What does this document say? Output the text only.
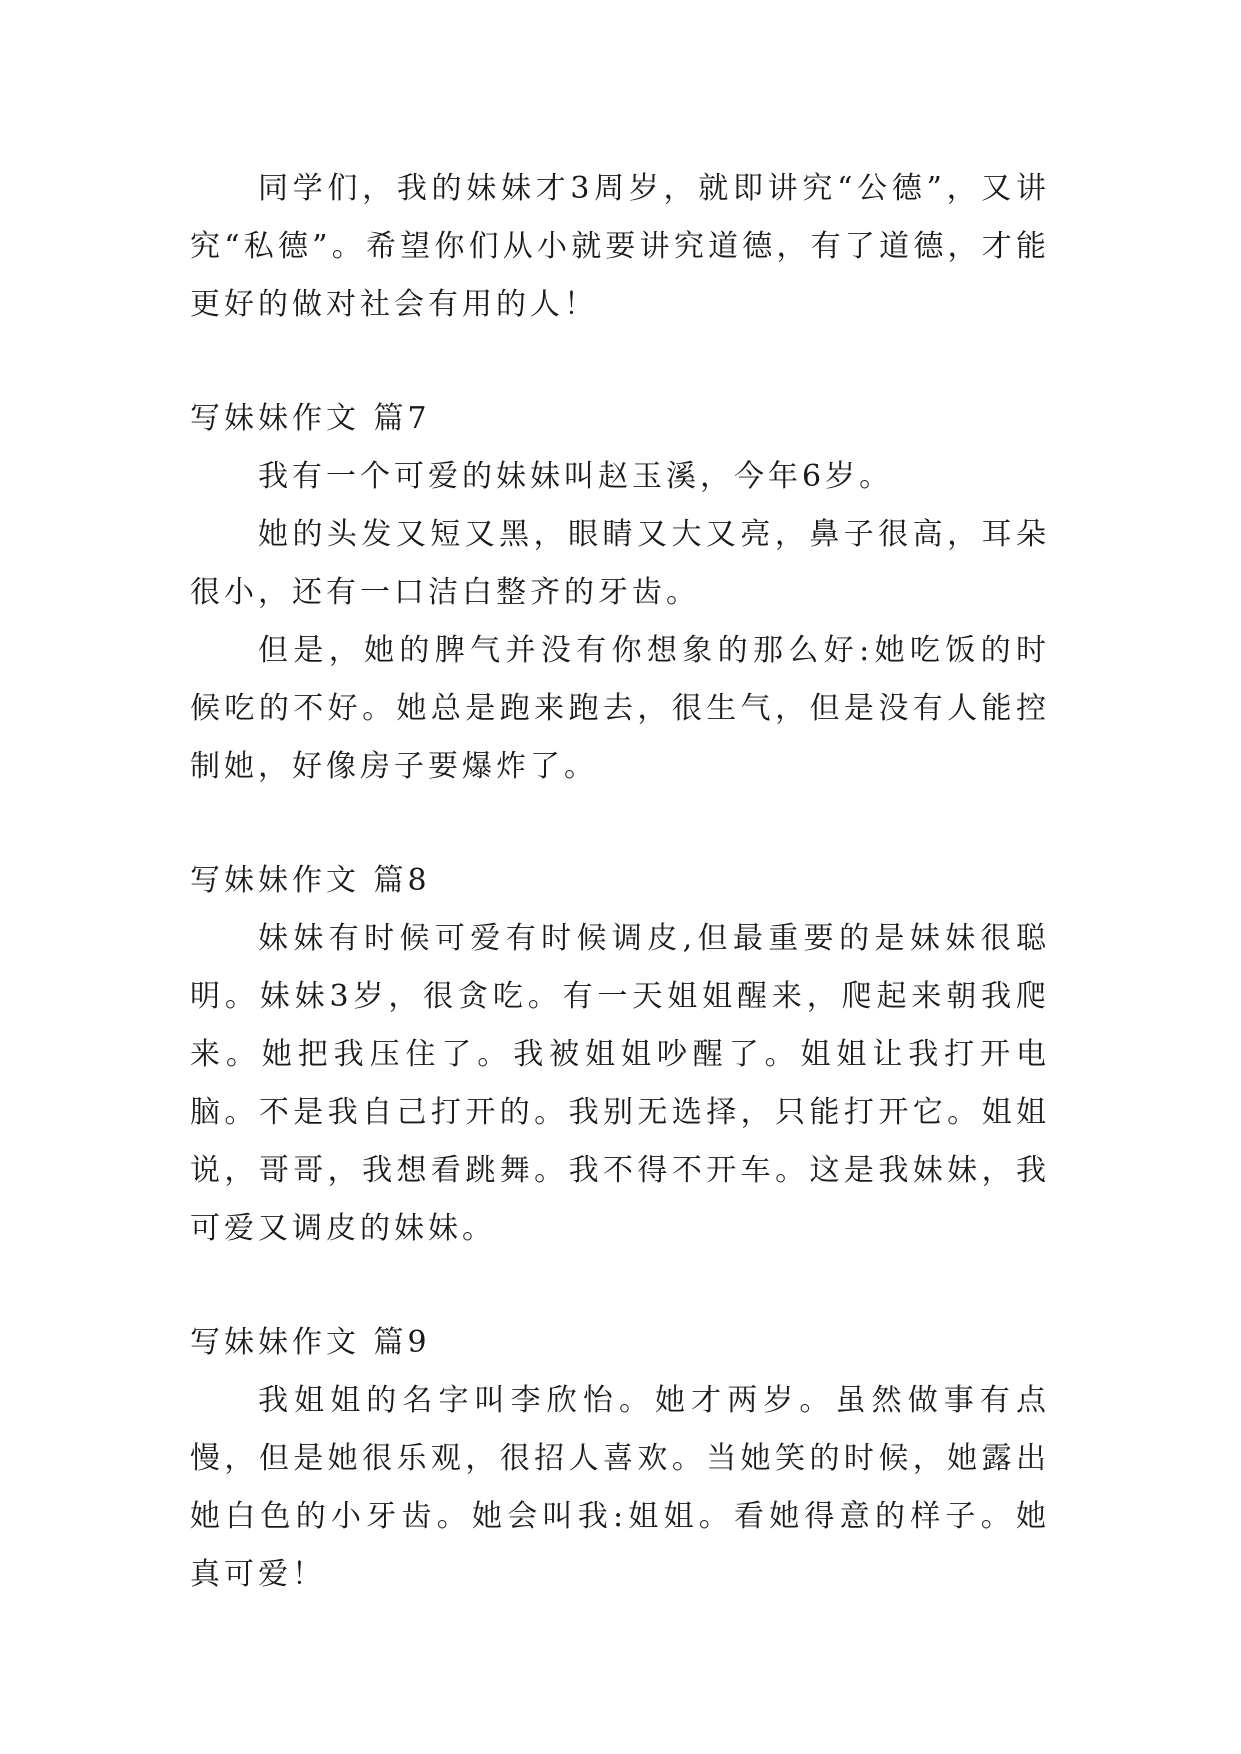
同学们，我的妹妹才3周岁，就即讲究“公德”，又讲究“私德”。希望你们从小就要讲究道德，有了道德，才能更好的做对社会有用的人！

写妹妹作文 篇7

我有一个可爱的妹妹叫赵玉溪，今年6岁。

她的头发又短又黑，眼睛又大又亮，鼻子很高，耳朵很小，还有一口洁白整齐的牙齿。

但是，她的脾气并没有你想象的那么好:她吃饭的时候吃的不好。她总是跑来跑去，很生气，但是没有人能控制她，好像房子要爆炸了。

写妹妹作文 篇8

妹妹有时候可爱有时候调皮,但最重要的是妹妹很聪明。妹妹3岁，很贪吃。有一天姐姐醒来，爬起来朝我爬来。她把我压住了。我被姐姐吵醒了。姐姐让我打开电脑。不是我自己打开的。我别无选择，只能打开它。姐姐说，哥哥，我想看跳舞。我不得不开车。这是我妹妹，我可爱又调皮的妹妹。

写妹妹作文 篇9

我姐姐的名字叫李欣怡。她才两岁。虽然做事有点慢，但是她很乐观，很招人喜欢。当她笑的时候，她露出她白色的小牙齿。她会叫我:姐姐。看她得意的样子。她真可爱！
